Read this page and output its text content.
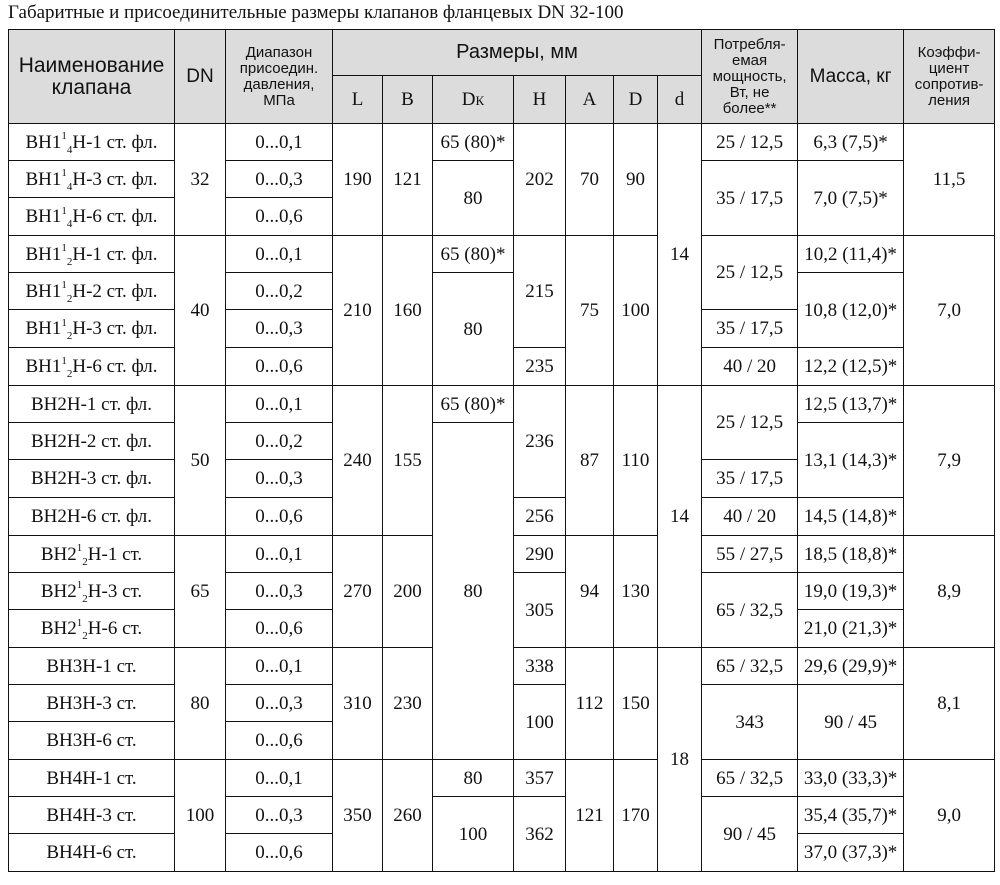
Габаритные и присоединительные размеры клапанов фланцевых DN 32-100
Наименование клапана	DN	Диапазон присоедин. давления, МПа	Размеры, мм							Потребля-емая мощность, Вт, не более**	Масса, кг	Коэффи-циент сопротив-ления	
			L	B	DК	H	A	D	d				
$ВН1^1_4Н-1$ ст. фл.	32	0...0,1	190	121	65 (80)*	202	70	90	14	25 / 12,5	6,3 (7,5)*	11,5	
$ВН1^1_4Н-3$ ст. фл.		0...0,3			80					35 / 17,5	7,0 (7,5)*		
$ВН1^1_4Н-6$ ст. фл.		0...0,6											
$ВН1^1_2Н-1$ ст. фл.	40	0...0,1	210	160	65 (80)*	215	75	100		25 / 12,5	10,2 (11,4)*	7,0	
$ВН1^1_2Н-2$ ст. фл.		0...0,2			80						10,8 (12,0)*		
$ВН1^1_2Н-3$ ст. фл.		0...0,3								35 / 17,5			
$ВН1^1_2Н-6$ ст. фл.		0...0,6				235				40 / 20	12,2 (12,5)*		
ВН2Н-1 ст. фл.	50	0...0,1	240	155	65 (80)*	236	87	110	14	25 / 12,5	12,5 (13,7)*	7,9	
ВН2Н-2 ст. фл.		0...0,2			80						13,1 (14,3)*		
ВН2Н-3 ст. фл.		0...0,3								35 / 17,5			
ВН2Н-6 ст. фл.		0...0,6				256				40 / 20	14,5 (14,8)*		
$ВН2^1_2Н-1$ ст.	65	0...0,1	270	200		290	94	130		55 / 27,5	18,5 (18,8)*	8,9	
$ВН2^1_2Н-3$ ст.		0...0,3				305				65 / 32,5	19,0 (19,3)*		
$ВН2^1_2Н-6$ ст.		0...0,6									21,0 (21,3)*		
ВН3Н-1 ст.	80	0...0,1	310	230		338	112	150	18	65 / 32,5	29,6 (29,9)*	8,1	
ВН3Н-3 ст.		0...0,3				100				343	90 / 45	
ВН3Н-6 ст.		0...0,6	
ВН4Н-1 ст.	100	0...0,1	350	260	80	357	121	170		65 / 32,5	33,0 (33,3)*	9,0	
ВН4Н-3 ст.		0...0,3			100	362				90 / 45	35,4 (35,7)*		
ВН4Н-6 ст.		0...0,6									37,0 (37,3)*		
